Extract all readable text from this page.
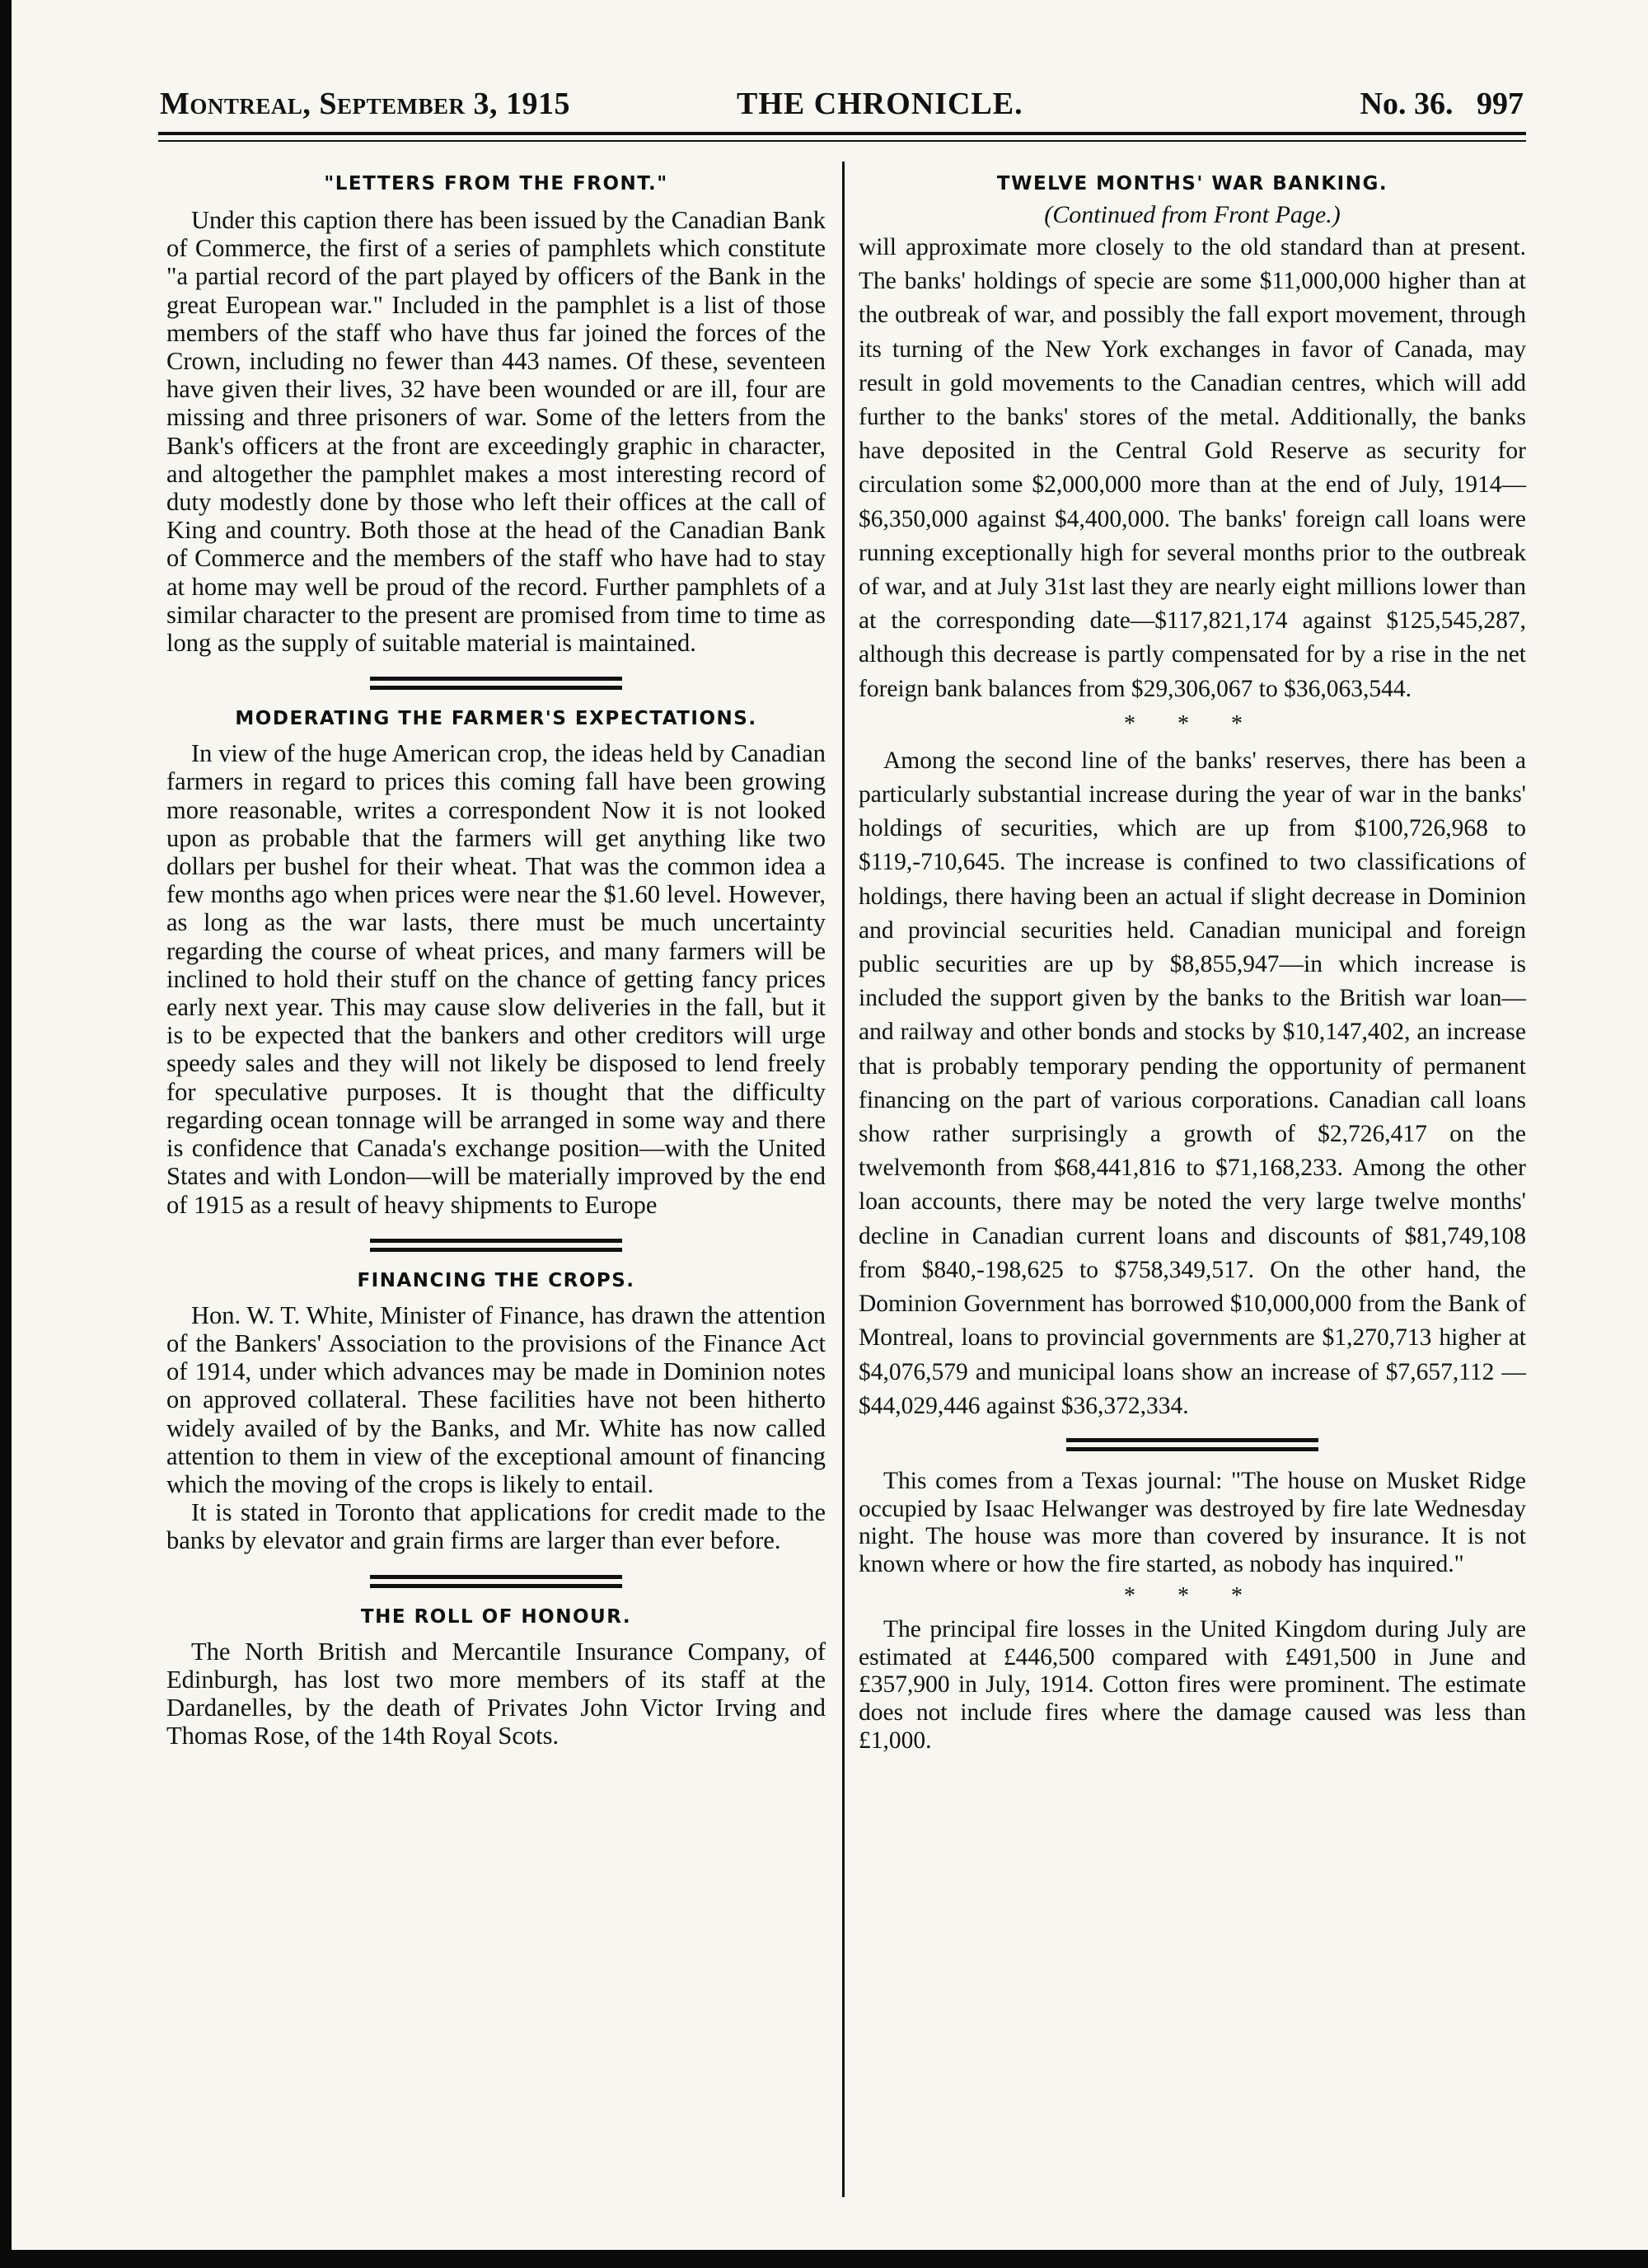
Montreal, September 3, 1915	THE CHRONICLE.	No. 36.   997
"LETTERS FROM THE FRONT."

Under this caption there has been issued by the Canadian Bank of Commerce, the first of a series of pamphlets which constitute "a partial record of the part played by officers of the Bank in the great European war." Included in the pamphlet is a list of those members of the staff who have thus far joined the forces of the Crown, including no fewer than 443 names. Of these, seventeen have given their lives, 32 have been wounded or are ill, four are missing and three prisoners of war. Some of the letters from the Bank's officers at the front are exceedingly graphic in character, and altogether the pamphlet makes a most interesting record of duty modestly done by those who left their offices at the call of King and country. Both those at the head of the Canadian Bank of Commerce and the members of the staff who have had to stay at home may well be proud of the record. Further pamphlets of a similar character to the present are promised from time to time as long as the supply of suitable material is maintained.

MODERATING THE FARMER'S EXPECTATIONS.

In view of the huge American crop, the ideas held by Canadian farmers in regard to prices this coming fall have been growing more reasonable, writes a correspondent Now it is not looked upon as probable that the farmers will get anything like two dollars per bushel for their wheat. That was the common idea a few months ago when prices were near the $1.60 level. However, as long as the war lasts, there must be much uncertainty regarding the course of wheat prices, and many farmers will be inclined to hold their stuff on the chance of getting fancy prices early next year. This may cause slow deliveries in the fall, but it is to be expected that the bankers and other creditors will urge speedy sales and they will not likely be disposed to lend freely for speculative purposes. It is thought that the difficulty regarding ocean tonnage will be arranged in some way and there is confidence that Canada's exchange position—with the United States and with London—will be materially improved by the end of 1915 as a result of heavy shipments to Europe

FINANCING THE CROPS.

Hon. W. T. White, Minister of Finance, has drawn the attention of the Bankers' Association to the provisions of the Finance Act of 1914, under which advances may be made in Dominion notes on approved collateral. These facilities have not been hitherto widely availed of by the Banks, and Mr. White has now called attention to them in view of the exceptional amount of financing which the moving of the crops is likely to entail.

It is stated in Toronto that applications for credit made to the banks by elevator and grain firms are larger than ever before.

THE ROLL OF HONOUR.

The North British and Mercantile Insurance Company, of Edinburgh, has lost two more members of its staff at the Dardanelles, by the death of Privates John Victor Irving and Thomas Rose, of the 14th Royal Scots.

TWELVE MONTHS' WAR BANKING.
(Continued from Front Page.)

will approximate more closely to the old standard than at present. The banks' holdings of specie are some $11,000,000 higher than at the outbreak of war, and possibly the fall export movement, through its turning of the New York exchanges in favor of Canada, may result in gold movements to the Canadian centres, which will add further to the banks' stores of the metal. Additionally, the banks have deposited in the Central Gold Reserve as security for circulation some $2,000,000 more than at the end of July, 1914—$6,350,000 against $4,400,000. The banks' foreign call loans were running exceptionally high for several months prior to the outbreak of war, and at July 31st last they are nearly eight millions lower than at the corresponding date—$117,821,174 against $125,545,287, although this decrease is partly compensated for by a rise in the net foreign bank balances from $29,306,067 to $36,063,544.

* * *

Among the second line of the banks' reserves, there has been a particularly substantial increase during the year of war in the banks' holdings of securities, which are up from $100,726,968 to $119,-710,645. The increase is confined to two classifications of holdings, there having been an actual if slight decrease in Dominion and provincial securities held. Canadian municipal and foreign public securities are up by $8,855,947—in which increase is included the support given by the banks to the British war loan—and railway and other bonds and stocks by $10,147,402, an increase that is probably temporary pending the opportunity of permanent financing on the part of various corporations. Canadian call loans show rather surprisingly a growth of $2,726,417 on the twelvemonth from $68,441,816 to $71,168,233. Among the other loan accounts, there may be noted the very large twelve months' decline in Canadian current loans and discounts of $81,749,108 from $840,-198,625 to $758,349,517. On the other hand, the Dominion Government has borrowed $10,000,000 from the Bank of Montreal, loans to provincial governments are $1,270,713 higher at $4,076,579 and municipal loans show an increase of $7,657,112 —$44,029,446 against $36,372,334.

This comes from a Texas journal: "The house on Musket Ridge occupied by Isaac Helwanger was destroyed by fire late Wednesday night. The house was more than covered by insurance. It is not known where or how the fire started, as nobody has inquired."

* * *

The principal fire losses in the United Kingdom during July are estimated at £446,500 compared with £491,500 in June and £357,900 in July, 1914. Cotton fires were prominent. The estimate does not include fires where the damage caused was less than £1,000.
